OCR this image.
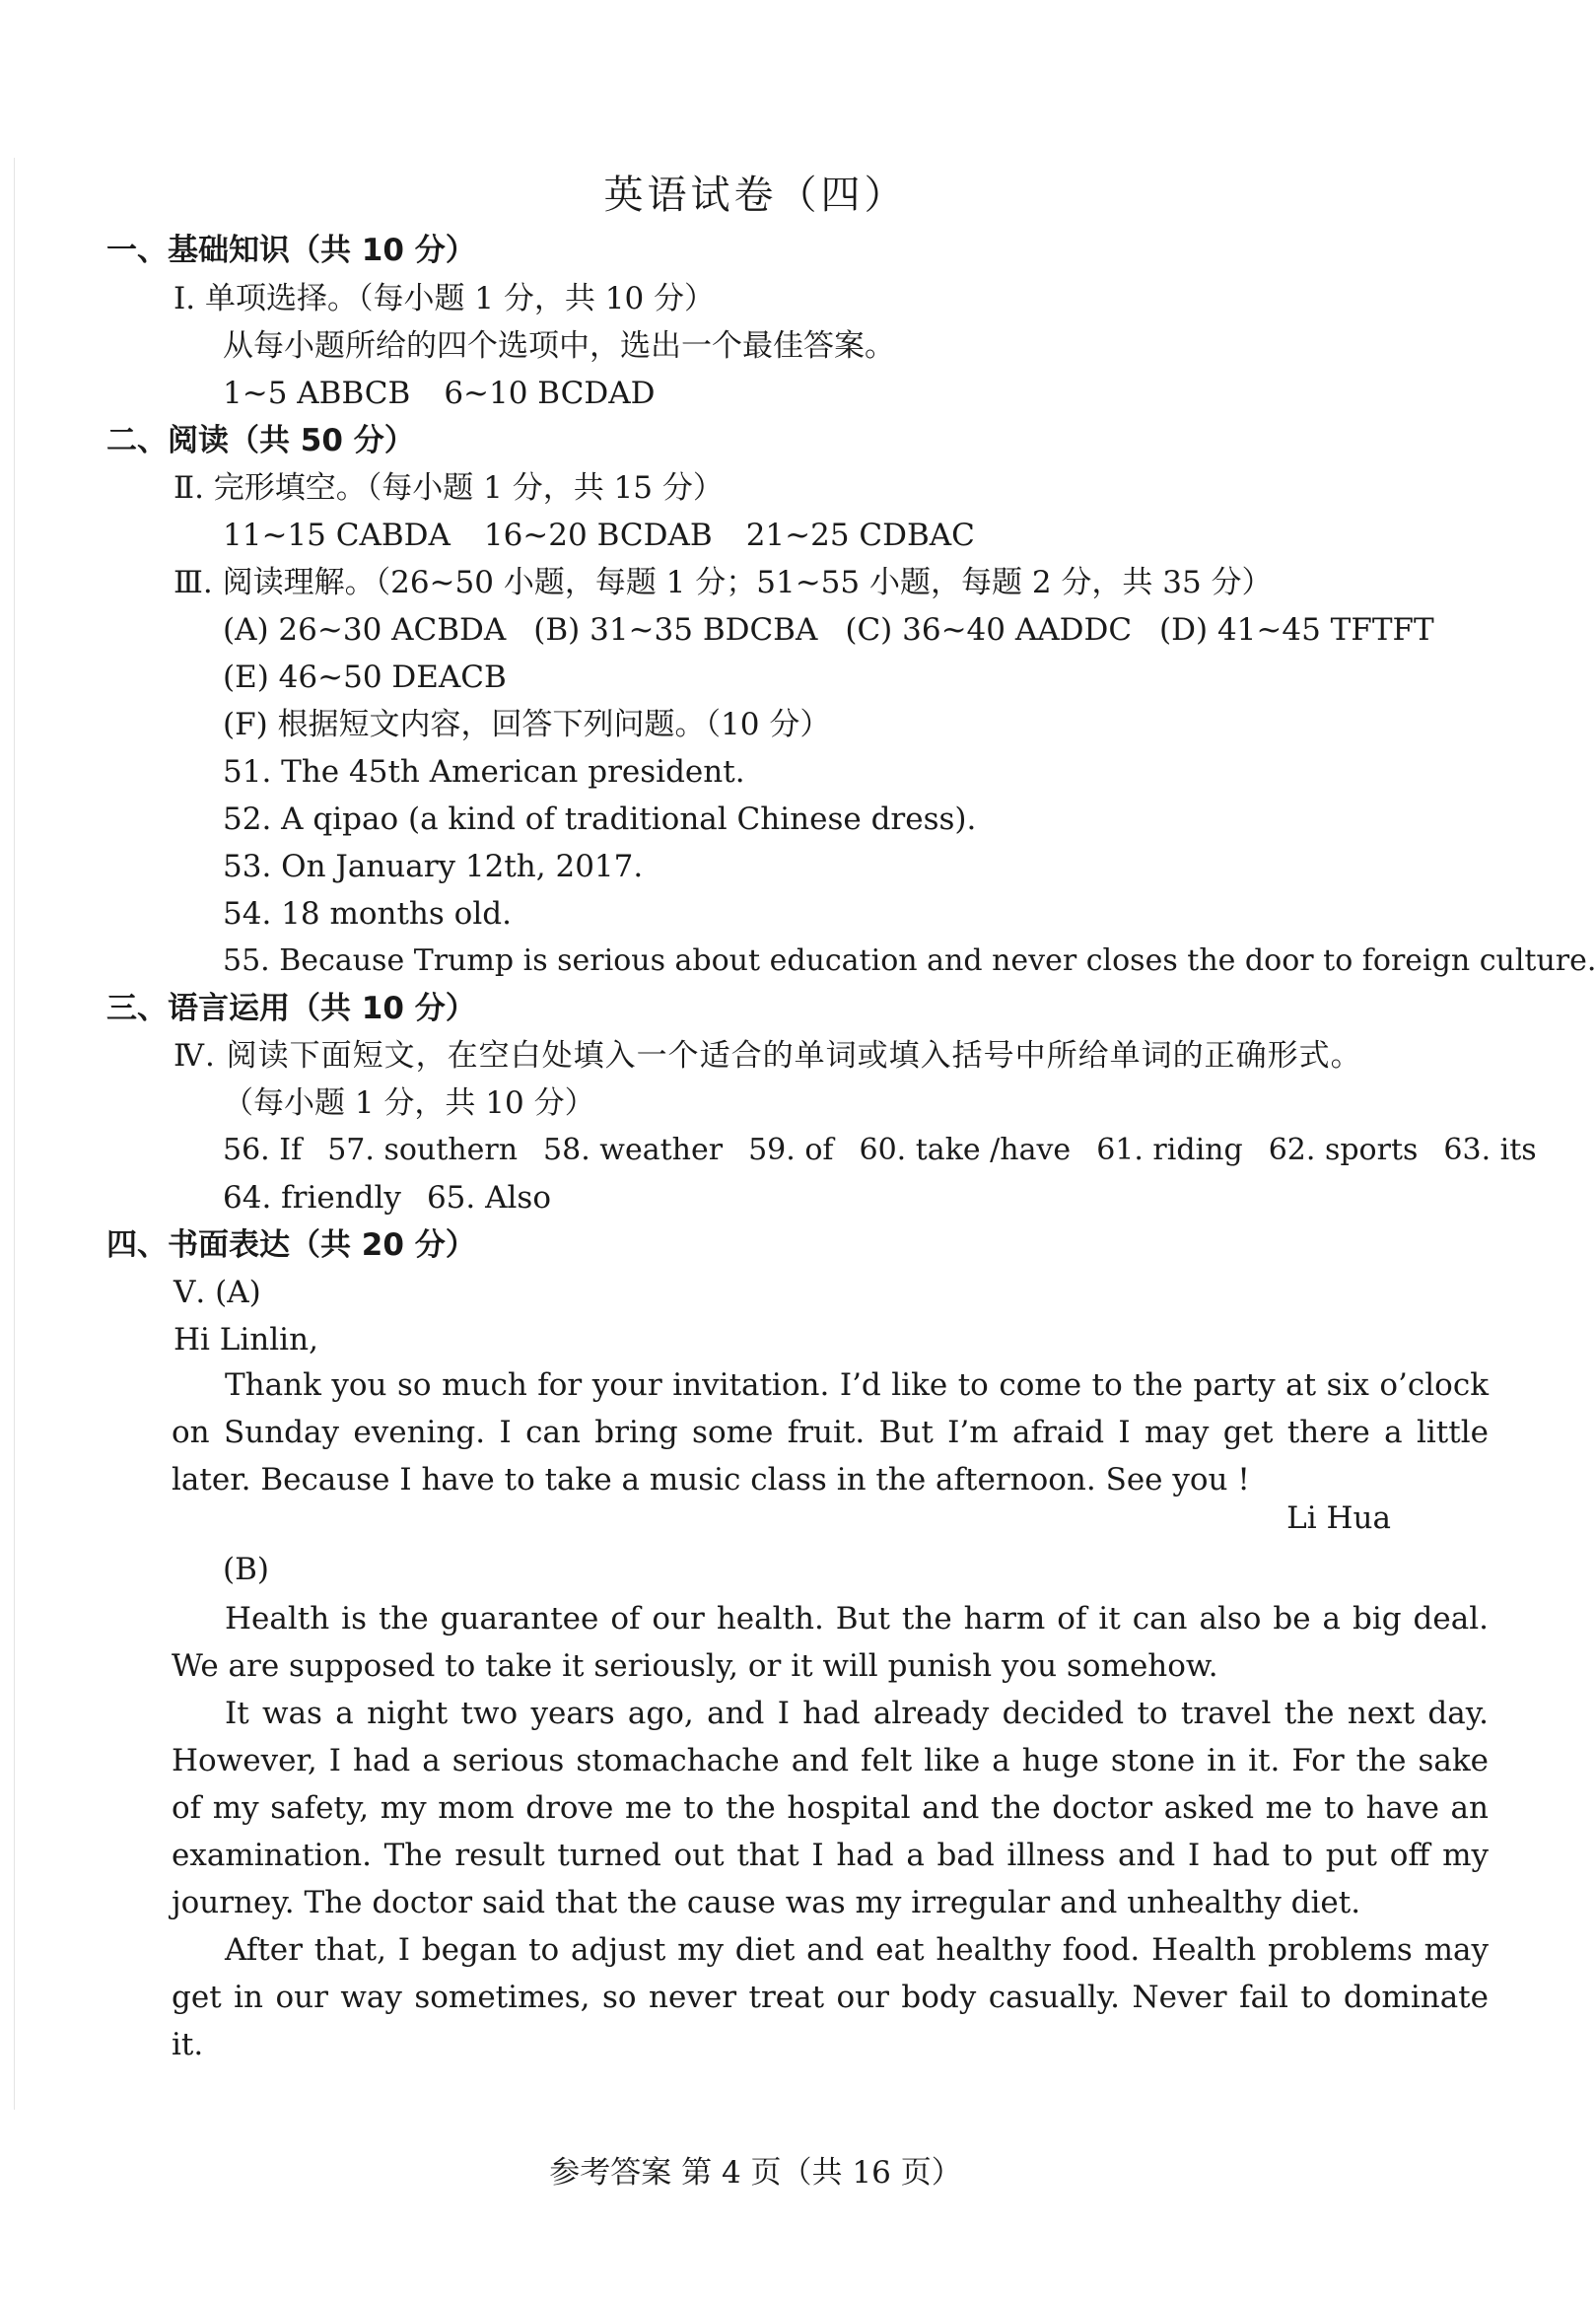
英语试卷（四）
一、基础知识（共 10 分）
Ⅰ. 单项选择。（每小题 1 分，共 10 分）
从每小题所给的四个选项中，选出一个最佳答案。
1~5 ABBCB 6~10 BCDAD
二、阅读（共 50 分）
Ⅱ. 完形填空。（每小题 1 分，共 15 分）
11~15 CABDA 16~20 BCDAB 21~25 CDBAC
Ⅲ. 阅读理解。（26~50 小题，每题 1 分；51~55 小题，每题 2 分，共 35 分）
(A) 26~30 ACBDA (B) 31~35 BDCBA (C) 36~40 AADDC (D) 41~45 TFTFT
(E) 46~50 DEACB
(F) 根据短文内容，回答下列问题。（10 分）
51. The 45th American president.
52. A qipao (a kind of traditional Chinese dress).
53. On January 12th, 2017.
54. 18 months old.
55. Because Trump is serious about education and never closes the door to foreign culture.
三、语言运用（共 10 分）
Ⅳ. 阅读下面短文，在空白处填入一个适合的单词或填入括号中所给单词的正确形式。
（每小题 1 分，共 10 分）
56. If 57. southern 58. weather 59. of 60. take /have 61. riding 62. sports 63. its
64. friendly 65. Also
四、书面表达（共 20 分）
Ⅴ. (A)
Hi Linlin,
Thank you so much for your invitation. I’d like to come to the party at six o’clock on Sunday evening. I can bring some fruit. But I’m afraid I may get there a little later. Because I have to take a music class in the afternoon. See you !
Li Hua
(B)
Health is the guarantee of our health. But the harm of it can also be a big deal. We are supposed to take it seriously, or it will punish you somehow.
It was a night two years ago, and I had already decided to travel the next day. However, I had a serious stomachache and felt like a huge stone in it. For the sake of my safety, my mom drove me to the hospital and the doctor asked me to have an examination. The result turned out that I had a bad illness and I had to put off my journey. The doctor said that the cause was my irregular and unhealthy diet.
After that, I began to adjust my diet and eat healthy food. Health problems may get in our way sometimes, so never treat our body casually. Never fail to dominate it.
参考答案 第 4 页（共 16 页）
